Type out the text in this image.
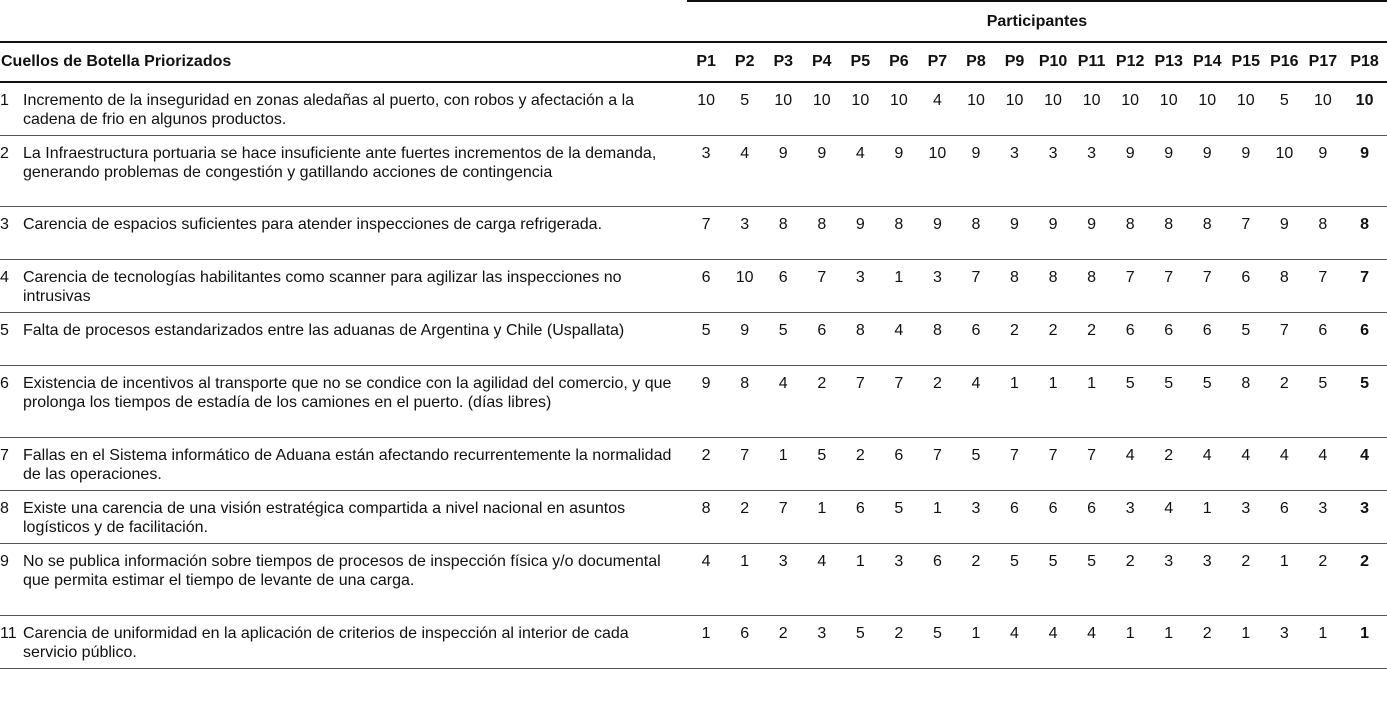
	Participantes																	
Cuellos de Botella Priorizados	P1	P2	P3	P4	P5	P6	P7	P8	P9	P10	P11	P12	P13	P14	P15	P16	P17	P18

1 Incremento de la inseguridad en zonas aledañas al puerto, con robos y afectación a la cadena de frio en algunos productos.	10	5	10	10	10	10	4	10	10	10	10	10	10	10	10	5	10	10

2 La Infraestructura portuaria se hace insuficiente ante fuertes incrementos de la demanda, generando problemas de congestión y gatillando acciones de contingencia	3	4	9	9	4	9	10	9	3	3	3	9	9	9	9	10	9	9

3 Carencia de espacios suficientes para atender inspecciones de carga refrigerada.	7	3	8	8	9	8	9	8	9	9	9	8	8	8	7	9	8	8

4 Carencia de tecnologías habilitantes como scanner para agilizar las inspecciones no intrusivas	6	10	6	7	3	1	3	7	8	8	8	7	7	7	6	8	7	7

5 Falta de procesos estandarizados entre las aduanas de Argentina y Chile (Uspallata)	5	9	5	6	8	4	8	6	2	2	2	6	6	6	5	7	6	6

6 Existencia de incentivos al transporte que no se condice con la agilidad del comercio, y que prolonga los tiempos de estadía de los camiones en el puerto. (días libres)	9	8	4	2	7	7	2	4	1	1	1	5	5	5	8	2	5	5

7 Fallas en el Sistema informático de Aduana están afectando recurrentemente la normalidad de las operaciones.	2	7	1	5	2	6	7	5	7	7	7	4	2	4	4	4	4	4

8 Existe una carencia de una visión estratégica compartida a nivel nacional en asuntos logísticos y de facilitación.	8	2	7	1	6	5	1	3	6	6	6	3	4	1	3	6	3	3

9 No se publica información sobre tiempos de procesos de inspección física y/o documental que permita estimar el tiempo de levante de una carga.	4	1	3	4	1	3	6	2	5	5	5	2	3	3	2	1	2	2

11 Carencia de uniformidad en la aplicación de criterios de inspección al interior de cada servicio público.	1	6	2	3	5	2	5	1	4	4	4	1	1	2	1	3	1	1
